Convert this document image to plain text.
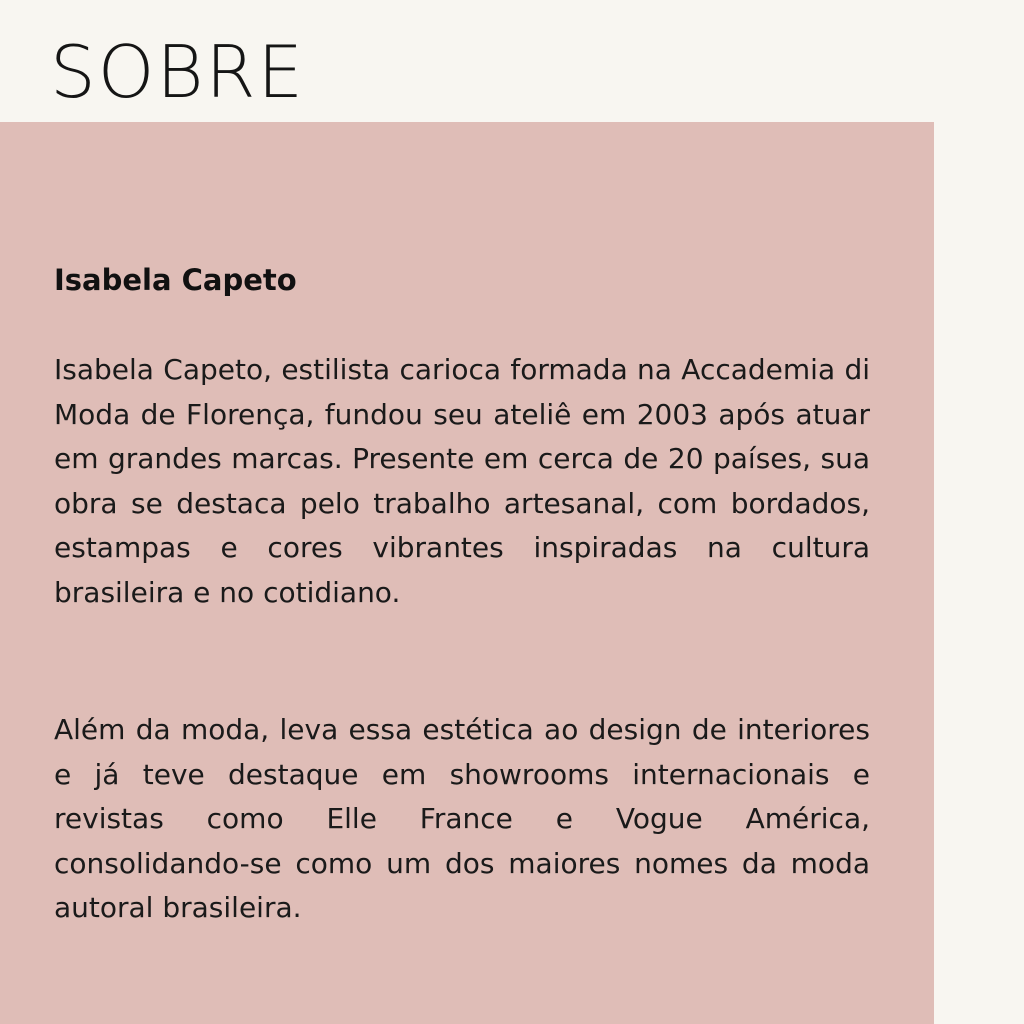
SOBRE
Isabela Capeto

Isabela Capeto, estilista carioca formada na Accademia di Moda de Florença, fundou seu ateliê em 2003 após atuar em grandes marcas. Presente em cerca de 20 países, sua obra se destaca pelo trabalho artesanal, com bordados, estampas e cores vibrantes inspiradas na cultura brasileira e no cotidiano.

Além da moda, leva essa estética ao design de interiores e já teve destaque em showrooms internacionais e revistas como Elle France e Vogue América, consolidando-se como um dos maiores nomes da moda autoral brasileira.
